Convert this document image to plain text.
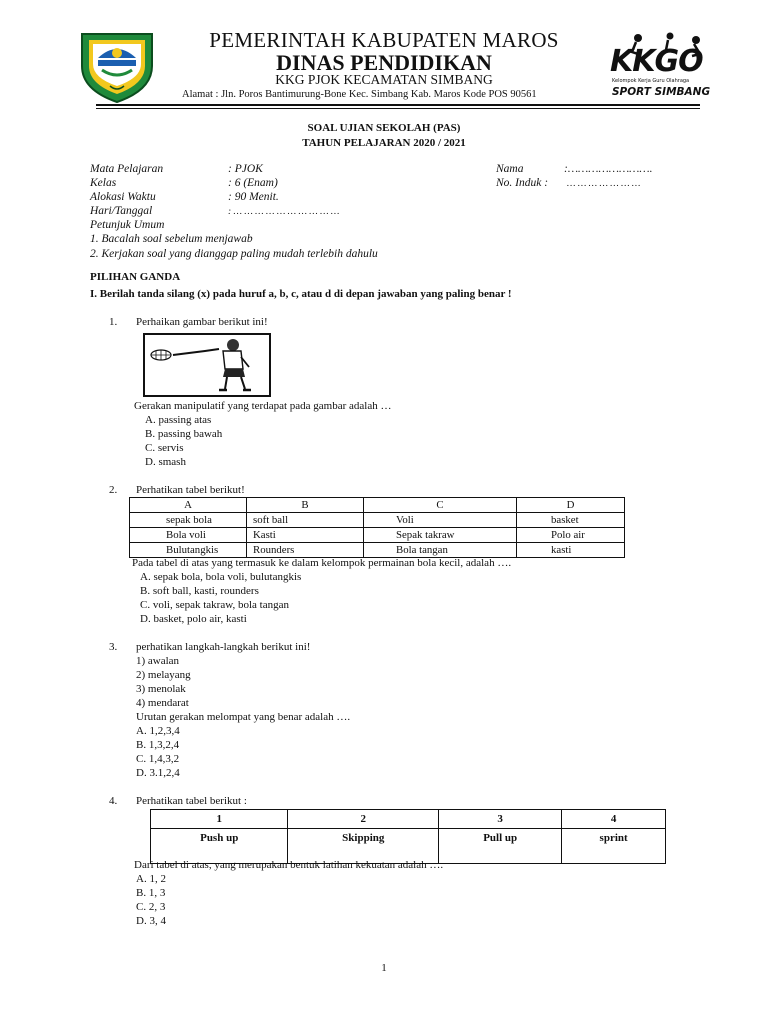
PEMERINTAH KABUPATEN MAROS
DINAS PENDIDIKAN
KKG PJOK KECAMATAN SIMBANG
Alamat : Jln. Poros Bantimurung-Bone Kec. Simbang Kab. Maros Kode POS 90561
KKGO
Kelompok Kerja Guru Olahraga
SPORT SIMBANG
SOAL UJIAN SEKOLAH (PAS)
TAHUN PELAJARAN 2020 / 2021
Mata Pelajaran	: PJOK	Nama	:…………………….
Kelas	: 6 (Enam)	No. Induk : … … … … … … …
Alokasi Waktu	: 90 Menit.
Hari/Tanggal	: … … … … … … … … … …
Petunjuk Umum
1. Bacalah soal sebelum menjawab
2. Kerjakan soal yang dianggap paling mudah terlebih dahulu
PILIHAN GANDA
I. Berilah tanda silang (x) pada huruf a, b, c, atau d di depan jawaban yang paling benar !
1. Perhaikan gambar berikut ini!
Gerakan manipulatif yang terdapat pada gambar adalah …
A. passing atas
B. passing bawah
C. servis
D. smash
2. Perhatikan tabel berikut!
A	B	C	D
sepak bola	soft ball	Voli	basket
Bola voli	Kasti	Sepak takraw	Polo air
Bulutangkis	Rounders	Bola tangan	kasti
Pada tabel di atas yang termasuk ke dalam kelompok permainan bola kecil, adalah ….
A. sepak bola, bola voli, bulutangkis
B. soft ball, kasti, rounders
C. voli, sepak takraw, bola tangan
D. basket, polo air, kasti
3. perhatikan langkah-langkah berikut ini!
1) awalan
2) melayang
3) menolak
4) mendarat
Urutan gerakan melompat yang benar adalah ….
A. 1,2,3,4
B. 1,3,2,4
C. 1,4,3,2
D. 3.1,2,4
4. Perhatikan tabel berikut :
1	2	3	4
Push up	Skipping	Pull up	sprint
Dari tabel di atas, yang merupakan bentuk latihan kekuatan adalah ….
A. 1, 2
B. 1, 3
C. 2, 3
D. 3, 4
1
